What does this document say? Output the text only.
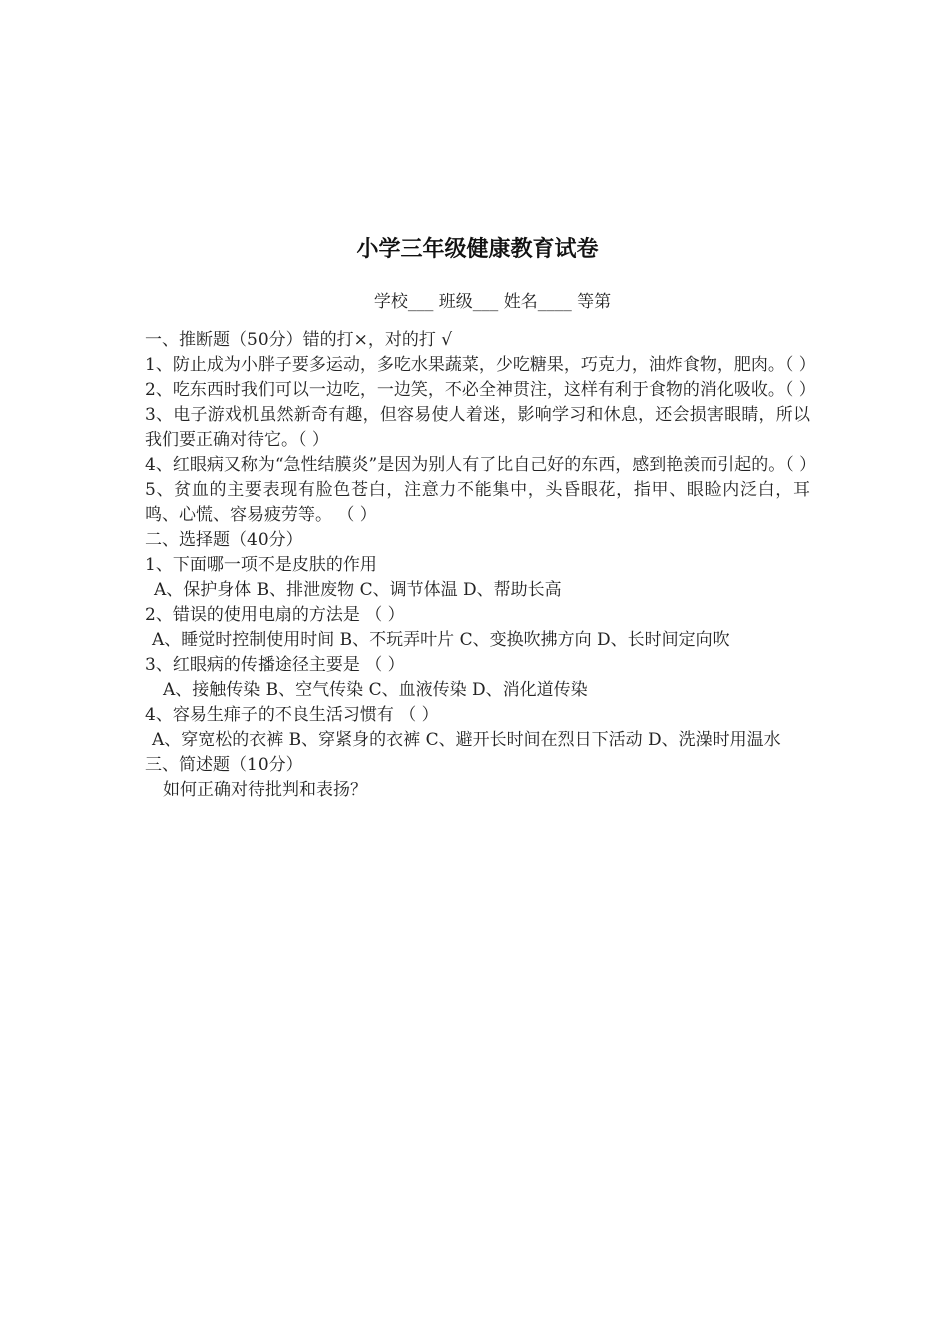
小学三年级健康教育试卷

学校___ 班级___ 姓名____ 等第

一、推断题（50分）错的打×，对的打 √

1、防止成为小胖子要多运动，多吃水果蔬菜，少吃糖果，巧克力，油炸食物，肥肉。（ ）

2、吃东西时我们可以一边吃，一边笑，不必全神贯注，这样有利于食物的消化吸收。（ ）

3、电子游戏机虽然新奇有趣，但容易使人着迷，影响学习和休息，还会损害眼睛，所以我们要正确对待它。（ ）

4、红眼病又称为“急性结膜炎”是因为别人有了比自己好的东西，感到艳羡而引起的。（ ）

5、贫血的主要表现有脸色苍白，注意力不能集中，头昏眼花，指甲、眼睑内泛白，耳鸣、心慌、容易疲劳等。 （ ）

二、选择题（40分）

1、下面哪一项不是皮肤的作用

A、保护身体 B、排泄废物 C、调节体温 D、帮助长高

2、错误的使用电扇的方法是 （ ）

A、睡觉时控制使用时间 B、不玩弄叶片 C、变换吹拂方向 D、长时间定向吹

3、红眼病的传播途径主要是 （ ）

A、接触传染 B、空气传染 C、血液传染 D、消化道传染

4、容易生痱子的不良生活习惯有 （ ）

A、穿宽松的衣裤 B、穿紧身的衣裤 C、避开长时间在烈日下活动 D、洗澡时用温水

三、简述题（10分）

如何正确对待批判和表扬？
